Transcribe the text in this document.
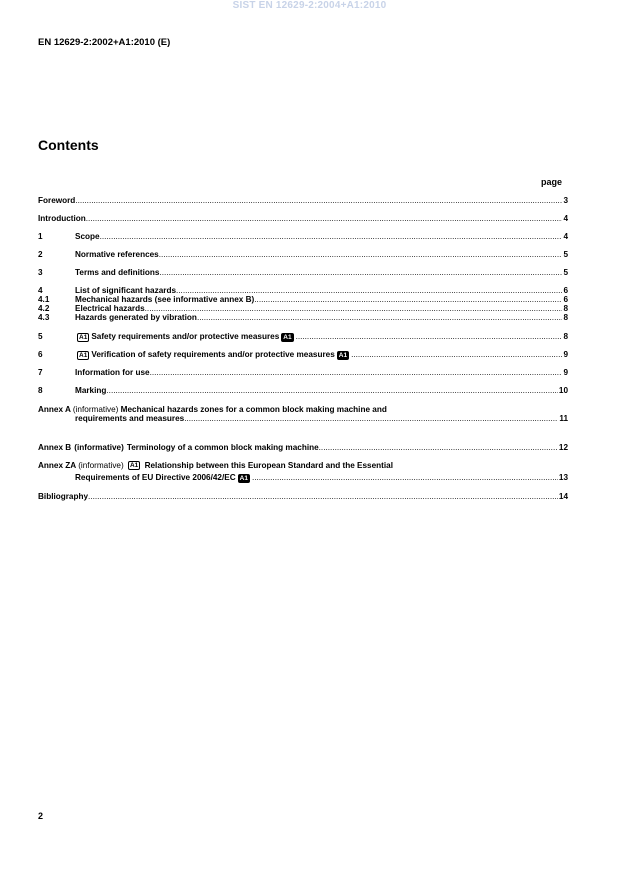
SIST EN 12629-2:2004+A1:2010
EN 12629-2:2002+A1:2010 (E)
Contents
page
Foreword .....	3
Introduction .....	4
1	Scope .....	4
2	Normative references .....	5
3	Terms and definitions .....	5
4	List of significant hazards .....	6
4.1	Mechanical hazards (see informative annex B) .....	6
4.2	Electrical hazards .....	8
4.3	Hazards generated by vibration .....	8
5	A1 Safety requirements and/or protective measures A1 .....	8
6	A1 Verification of safety requirements and/or protective measures A1 .....	9
7	Information for use .....	9
8	Marking .....	10
Annex A (informative) Mechanical hazards zones for a common block making machine and
requirements and measures .....	11
Annex B (informative) Terminology of a common block making machine .....	12
Annex ZA (informative) A1 Relationship between this European Standard and the Essential
Requirements of EU Directive 2006/42/EC A1 .....	13
Bibliography .....	14
2
